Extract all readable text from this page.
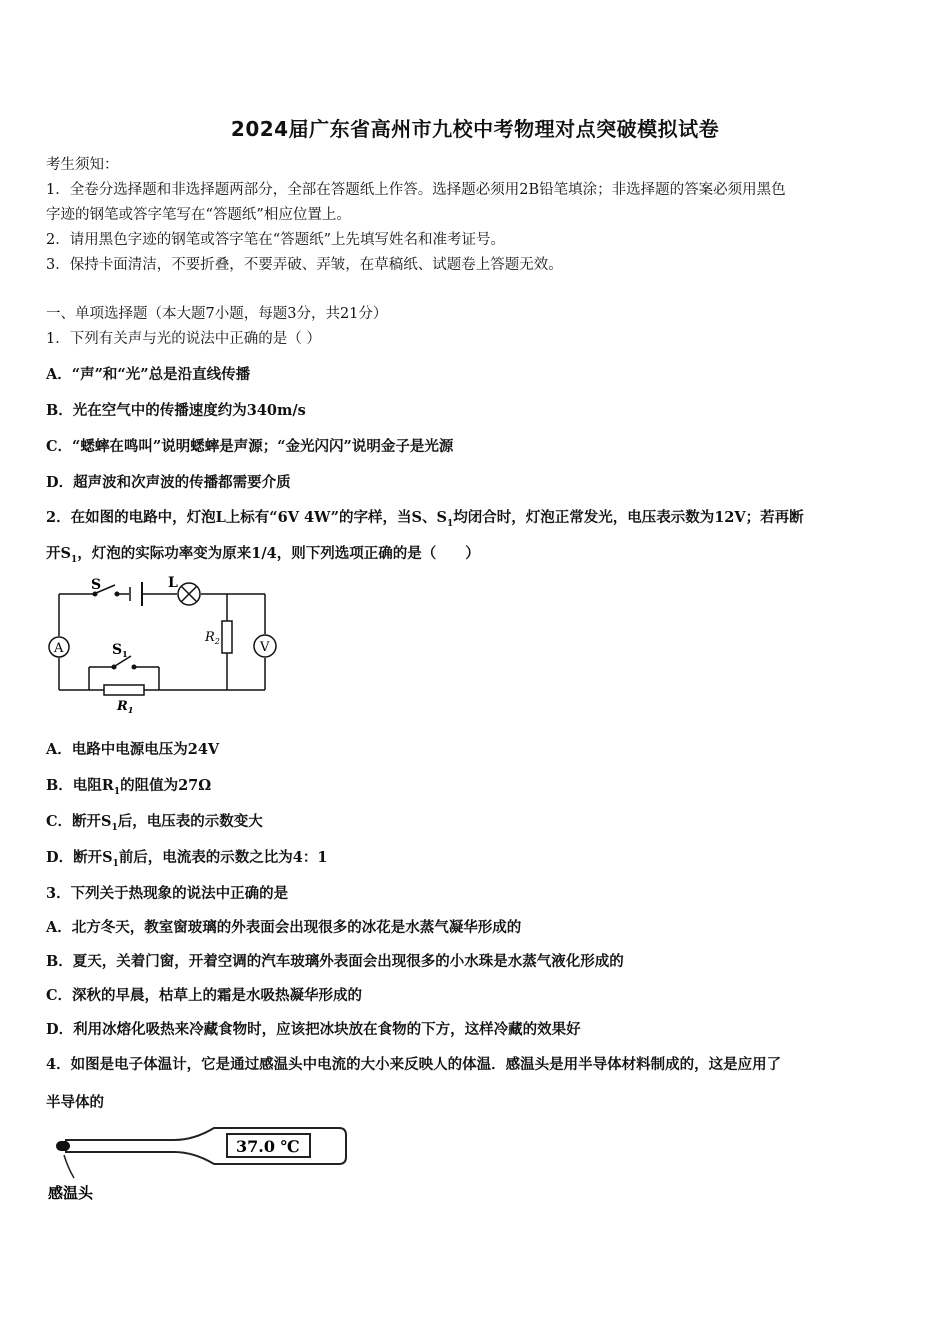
2024届广东省高州市九校中考物理对点突破模拟试卷
考生须知：
1．全卷分选择题和非选择题两部分，全部在答题纸上作答。选择题必须用2B铅笔填涂；非选择题的答案必须用黑色
字迹的钢笔或答字笔写在“答题纸”相应位置上。
2．请用黑色字迹的钢笔或答字笔在“答题纸”上先填写姓名和准考证号。
3．保持卡面清洁，不要折叠，不要弄破、弄皱，在草稿纸、试题卷上答题无效。
一、单项选择题（本大题7小题，每题3分，共21分）
1．下列有关声与光的说法中正确的是（ ）
A．“声”和“光”总是沿直线传播
B．光在空气中的传播速度约为340m/s
C．“蟋蟀在鸣叫”说明蟋蟀是声源；“金光闪闪”说明金子是光源
D．超声波和次声波的传播都需要介质
2．在如图的电路中，灯泡L上标有“6V 4W”的字样，当S、$S_1$均闭合时，灯泡正常发光，电压表示数为12V；若再断
开$S_1$，灯泡的实际功率变为原来1/4，则下列选项正确的是（　　）
S	L
A	V
$R_2$
$S_1$
$R_1$
A．电路中电源电压为24V
B．电阻$R_1$的阻值为27Ω
C．断开$S_1$后，电压表的示数变大
D．断开$S_1$前后，电流表的示数之比为4：1
3．下列关于热现象的说法中正确的是
A．北方冬天，教室窗玻璃的外表面会出现很多的冰花是水蒸气凝华形成的
B．夏天，关着门窗，开着空调的汽车玻璃外表面会出现很多的小水珠是水蒸气液化形成的
C．深秋的早晨，枯草上的霜是水吸热凝华形成的
D．利用冰熔化吸热来冷藏食物时，应该把冰块放在食物的下方，这样冷藏的效果好
4．如图是电子体温计，它是通过感温头中电流的大小来反映人的体温．感温头是用半导体材料制成的，这是应用了
半导体的
37.0 ℃
感温头
